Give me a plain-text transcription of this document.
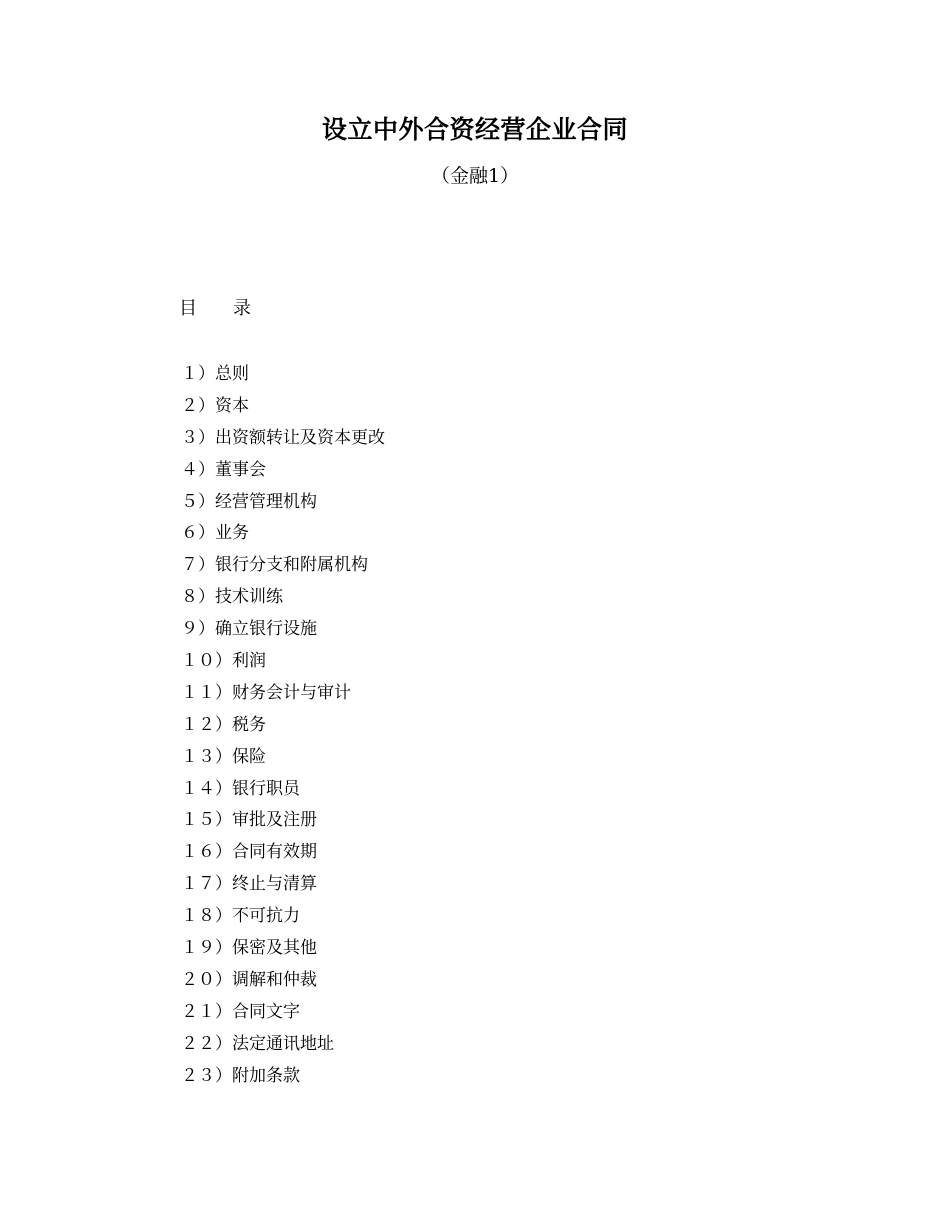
设立中外合资经营企业合同
（金融1）
目　　录
１）总则
２）资本
３）出资额转让及资本更改
４）董事会
５）经营管理机构
６）业务
７）银行分支和附属机构
８）技术训练
９）确立银行设施
１０）利润
１１）财务会计与审计
１２）税务
１３）保险
１４）银行职员
１５）审批及注册
１６）合同有效期
１７）终止与清算
１８）不可抗力
１９）保密及其他
２０）调解和仲裁
２１）合同文字
２２）法定通讯地址
２３）附加条款
